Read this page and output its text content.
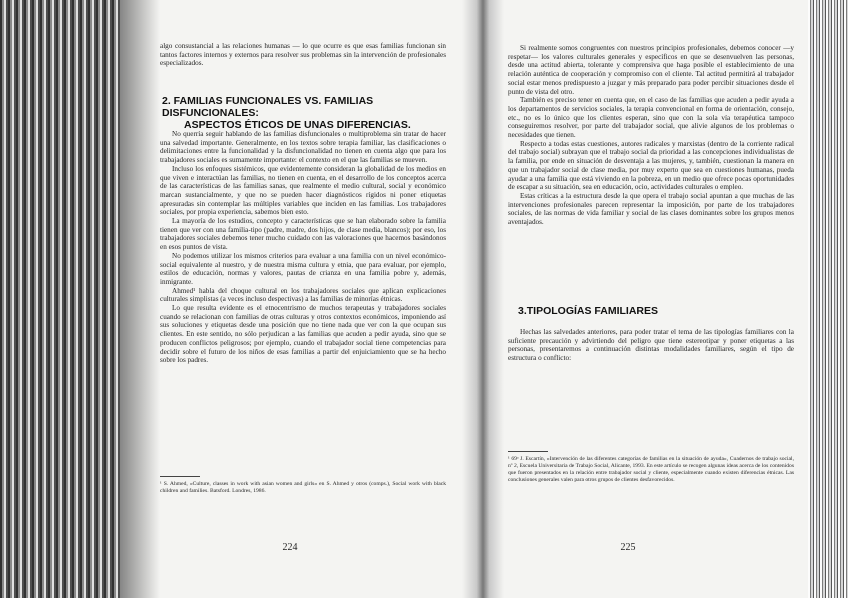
algo consustancial a las relaciones humanas — lo que ocurre es que esas familias funcionan sin tantos factores internos y externos para resolver sus problemas sin la intervención de profesionales especializados.

2. FAMILIAS FUNCIONALES VS. FAMILIAS DISFUNCIONALES:

ASPECTOS ÉTICOS DE UNAS DIFERENCIAS.

No querría seguir hablando de las familias disfuncionales o multiproblema sin tratar de hacer una salvedad importante. Generalmente, en los textos sobre terapia familiar, las clasificaciones o delimitaciones entre la funcionalidad y la disfuncionalidad no tienen en cuenta algo que para los trabajadores sociales es sumamente importante: el contexto en el que las familias se mueven.

Incluso los enfoques sistémicos, que evidentemente consideran la globalidad de los medios en que viven e interactúan las familias, no tienen en cuenta, en el desarrollo de los conceptos acerca de las características de las familias sanas, que realmente el medio cultural, social y económico marcan sustancialmente, y que no se pueden hacer diagnósticos rígidos ni poner etiquetas apresuradas sin contemplar las múltiples variables que inciden en las familias. Los trabajadores sociales, por propia experiencia, sabemos bien esto.

La mayoría de los estudios, concepto y características que se han elaborado sobre la familia tienen que ver con una familia-tipo (padre, madre, dos hijos, de clase media, blancos); por eso, los trabajadores sociales debemos tener mucho cuidado con las valoraciones que hacemos basándonos en esos puntos de vista.

No podemos utilizar los mismos criterios para evaluar a una familia con un nivel económico-social equivalente al nuestro, y de nuestra misma cultura y etnia, que para evaluar, por ejemplo, estilos de educación, normas y valores, pautas de crianza en una familia pobre y, además, inmigrante.

Ahmed¹ habla del choque cultural en los trabajadores sociales que aplican explicaciones culturales simplistas (a veces incluso despectivas) a las familias de minorías étnicas.

Lo que resulta evidente es el etnocentrismo de muchos terapeutas y trabajadores sociales cuando se relacionan con familias de otras culturas y otros contextos económicos, imponiendo así sus soluciones y etiquetas desde una posición que no tiene nada que ver con la que ocupan sus clientes. En este sentido, no sólo perjudican a las familias que acuden a pedir ayuda, sino que se producen conflictos peligrosos; por ejemplo, cuando el trabajador social tiene competencias para decidir sobre el futuro de los niños de esas familias a partir del enjuiciamiento que se ha hecho sobre los padres.

¹ S. Ahmed, «Culture, classes in work with asian women and girls» en S. Ahmed y otros (comps.), Social work with black children and families. Batsford. Londres, 1986.

224

Si realmente somos congruentes con nuestros principios profesionales, debemos conocer —y respetar— los valores culturales generales y específicos en que se desenvuelven las personas, desde una actitud abierta, tolerante y comprensiva que haga posible el establecimiento de una relación auténtica de cooperación y compromiso con el cliente. Tal actitud permitirá al trabajador social estar menos predispuesto a juzgar y más preparado para poder percibir situaciones desde el punto de vista del otro.

También es preciso tener en cuenta que, en el caso de las familias que acuden a pedir ayuda a los departamentos de servicios sociales, la terapia convencional en forma de orientación, consejo, etc., no es lo único que los clientes esperan, sino que con la sola vía terapéutica tampoco conseguiremos resolver, por parte del trabajador social, que alivie algunos de los problemas o necesidades que tienen.

Respecto a todas estas cuestiones, autores radicales y marxistas (dentro de la corriente radical del trabajo social) subrayan que el trabajo social da prioridad a las concepciones individualistas de la familia, por ende en situación de desventaja a las mujeres, y, también, cuestionan la manera en que un trabajador social de clase media, por muy experto que sea en cuestiones humanas, pueda ayudar a una familia que está viviendo en la pobreza, en un medio que ofrece pocas oportunidades de escapar a su situación, sea en educación, ocio, actividades culturales o empleo.

Estas críticas a la estructura desde la que opera el trabajo social apuntan a que muchas de las intervenciones profesionales parecen representar la imposición, por parte de los trabajadores sociales, de las normas de vida familiar y social de las clases dominantes sobre los grupos menos aventajados.

3.TIPOLOGÍAS FAMILIARES

Hechas las salvedades anteriores, para poder tratar el tema de las tipologías familiares con la suficiente precaución y advirtiendo del peligro que tiene estereotipar y poner etiquetas a las personas, presentaremos a continuación distintas modalidades familiares, según el tipo de estructura o conflicto:

¹ 69ᵃ J. Escartín, «Intervención de las diferentes categorías de familias en la situación de ayuda», Cuadernos de trabajo social, nº 2, Escuela Universitaria de Trabajo Social, Alicante, 1993. En este artículo se recogen algunas ideas acerca de los contenidos que fueron presentados en la relación entre trabajador social y cliente, especialmente cuando existen diferencias étnicas. Las conclusiones generales valen para otros grupos de clientes desfavorecidos.

225
